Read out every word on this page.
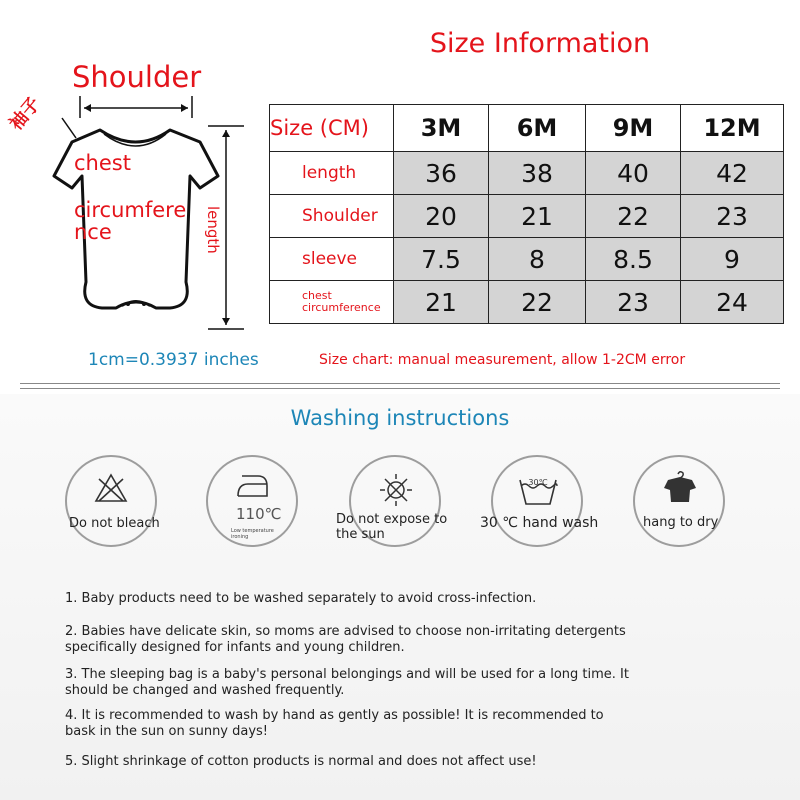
Size Information
Shoulder
袖子
chest
circumference	length
Size (CM)	3M	6M	9M	12M
length	36	38	40	42
Shoulder	20	21	22	23
sleeve	7.5	8	8.5	9
chest circumference	21	22	23	24
1cm=0.3937 inches	Size chart: manual measurement, allow 1-2CM error
Washing instructions
Do not bleach
110℃
Low temperature ironing
Do not expose to the sun
30℃
30 ℃ hand wash	hang to dry
1. Baby products need to be washed separately to avoid cross-infection.
2. Babies have delicate skin, so moms are advised to choose non-irritating detergents specifically designed for infants and young children.
3. The sleeping bag is a baby's personal belongings and will be used for a long time. It should be changed and washed frequently.
4. It is recommended to wash by hand as gently as possible! It is recommended to bask in the sun on sunny days!
5. Slight shrinkage of cotton products is normal and does not affect use!
